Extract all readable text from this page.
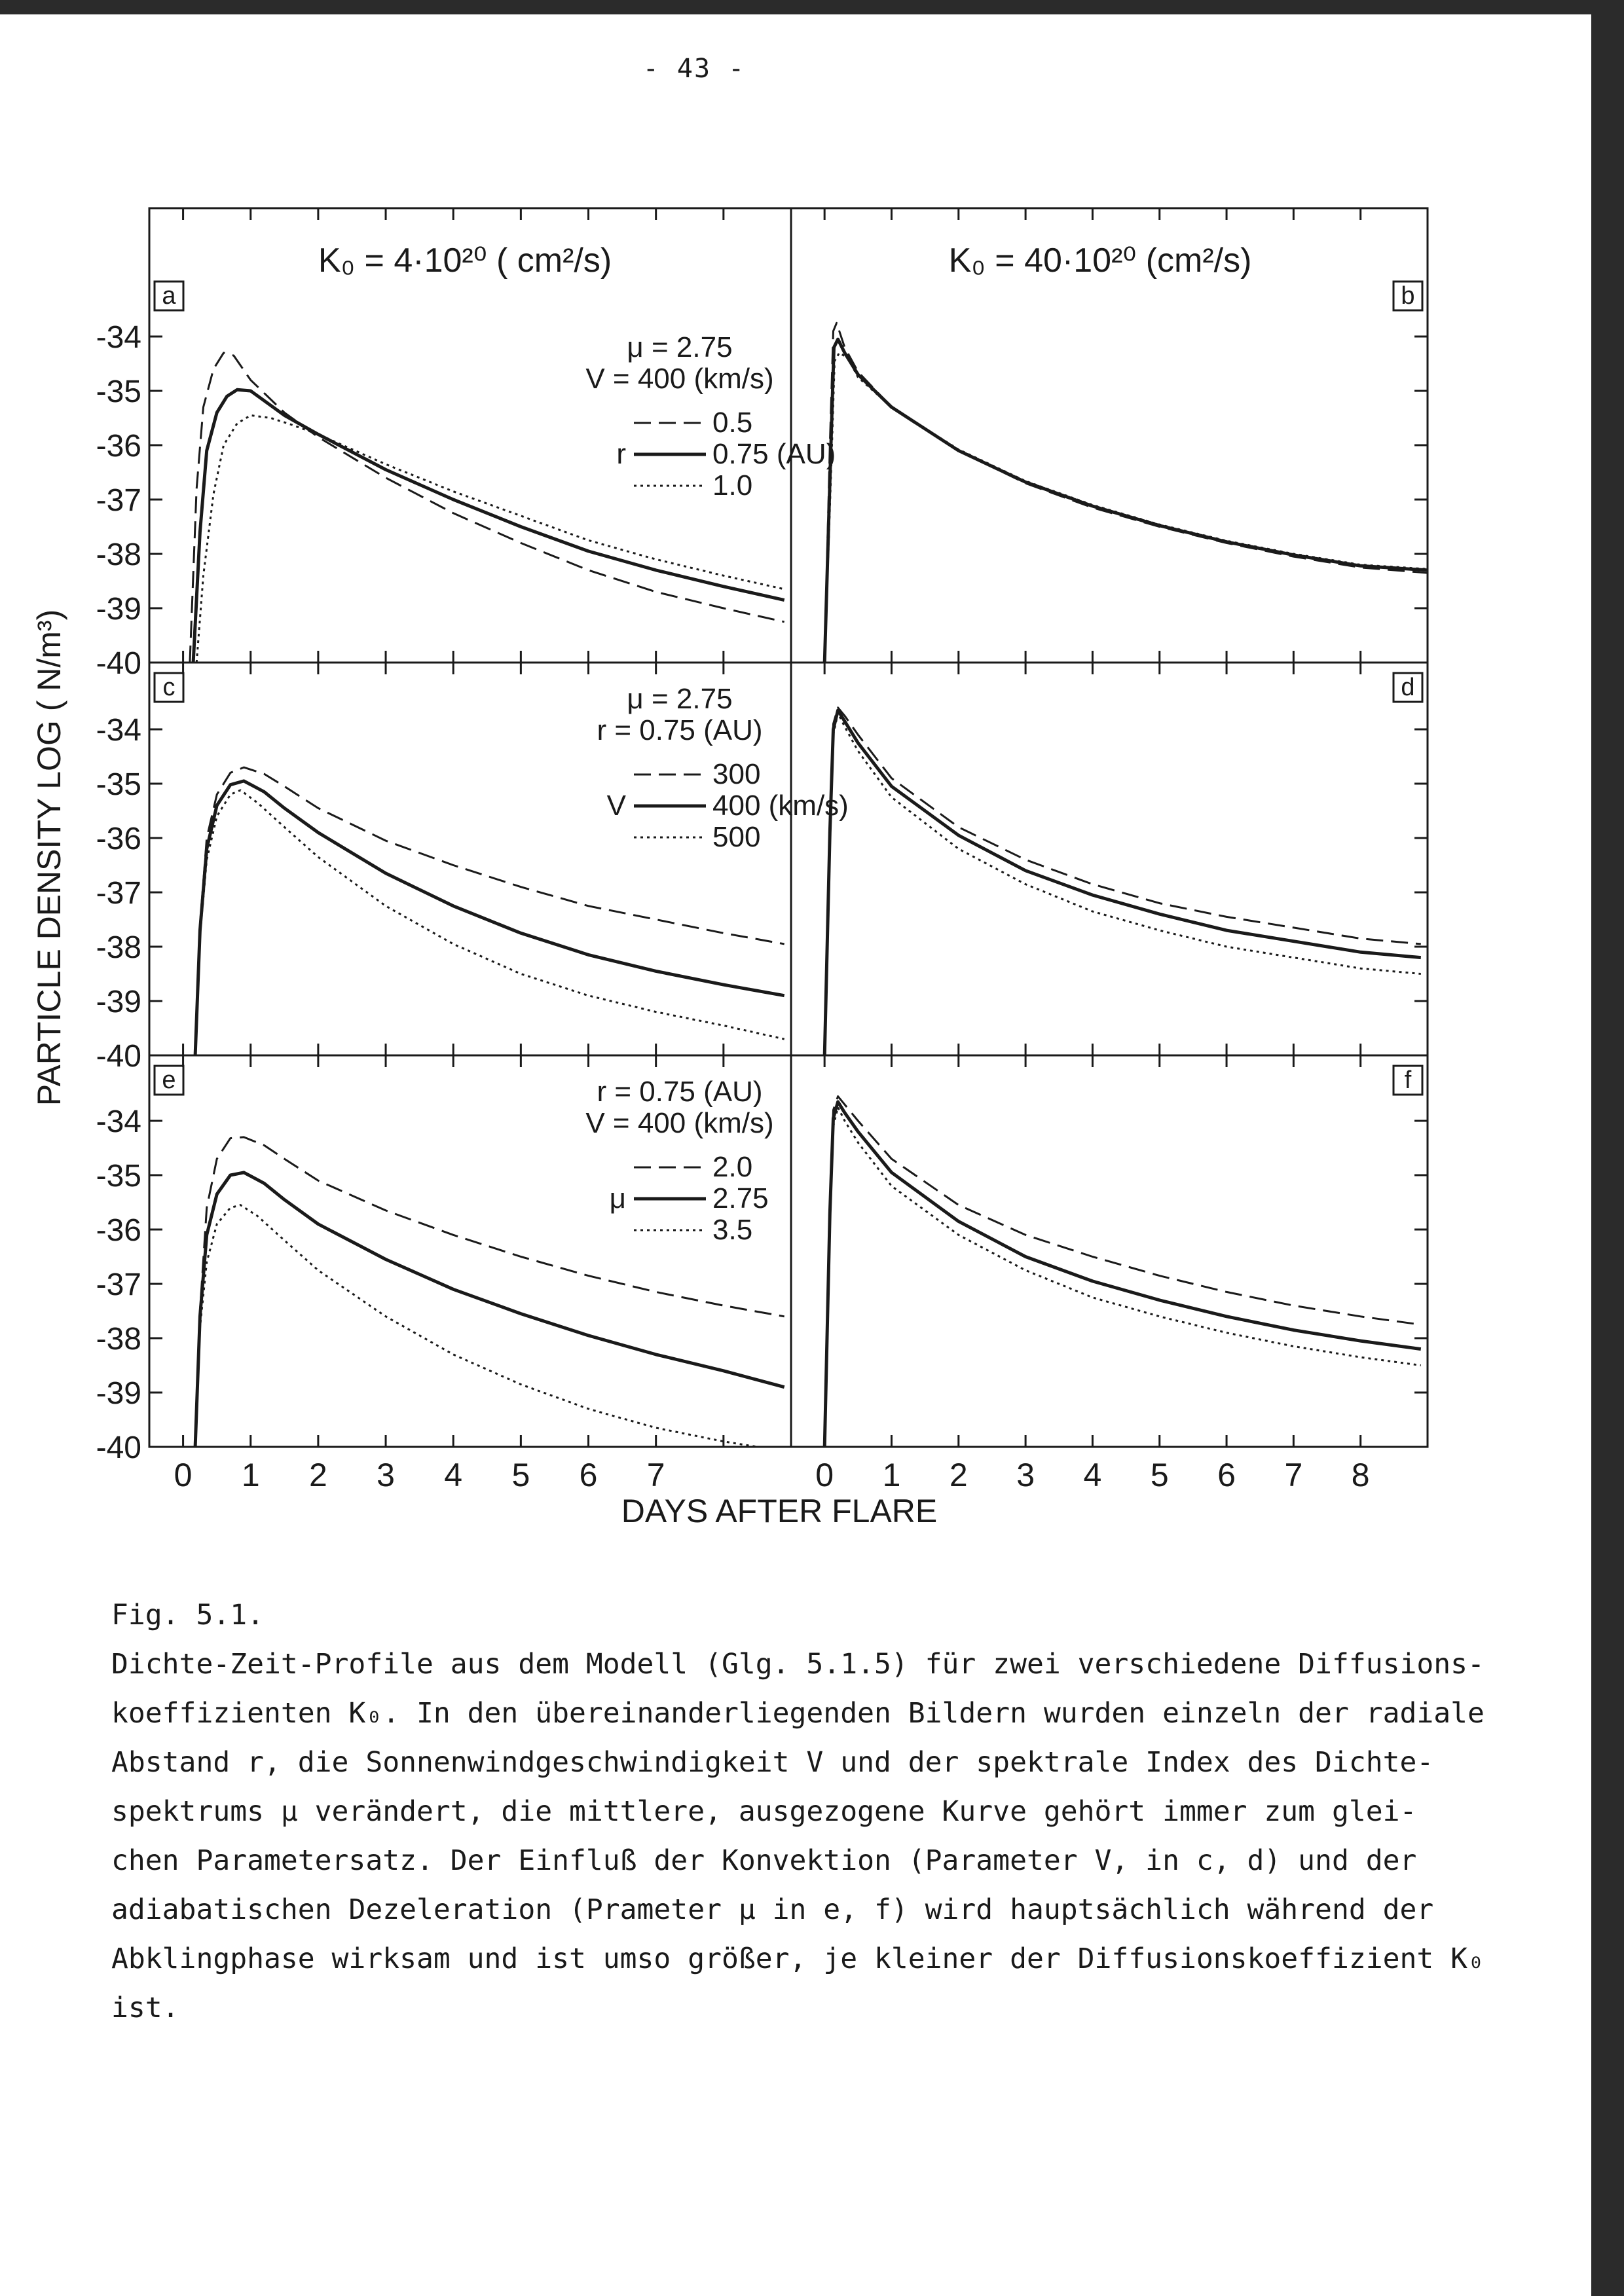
- 43 -
a
-34
-35
-36
-37
-38
-39
-40
μ = 2.75
V = 400 (km/s)
0.5
0.75 (AU)
1.0
r
b
c
-34
-35
-36
-37
-38
-39
-40
μ = 2.75
r = 0.75 (AU)
300
400 (km/s)
500
V
d
e
-34
-35
-36
-37
-38
-39
-40
r = 0.75 (AU)
V = 400 (km/s)
2.0
2.75
3.5
μ
f
0 1 2 3 4 5 6 7	0 1 2 3 4 5 6 7 8
PARTICLE DENSITY LOG ( N/m³)
DAYS AFTER FLARE
K₀ = 4·10²⁰ ( cm²/s)	K₀ = 40·10²⁰ (cm²/s)

Fig. 5.1.

Dichte-Zeit-Profile aus dem Modell (Glg. 5.1.5) für zwei verschiedene Diffusions-

koeffizienten K₀. In den übereinanderliegenden Bildern wurden einzeln der radiale

Abstand r, die Sonnenwindgeschwindigkeit V und der spektrale Index des Dichte-

spektrums μ verändert, die mittlere, ausgezogene Kurve gehört immer zum glei-

chen Parametersatz. Der Einfluß der Konvektion (Parameter V, in c, d) und der

adiabatischen Dezeleration (Prameter μ in e, f) wird hauptsächlich während der

Abklingphase wirksam und ist umso größer, je kleiner der Diffusionskoeffizient K₀

ist.
